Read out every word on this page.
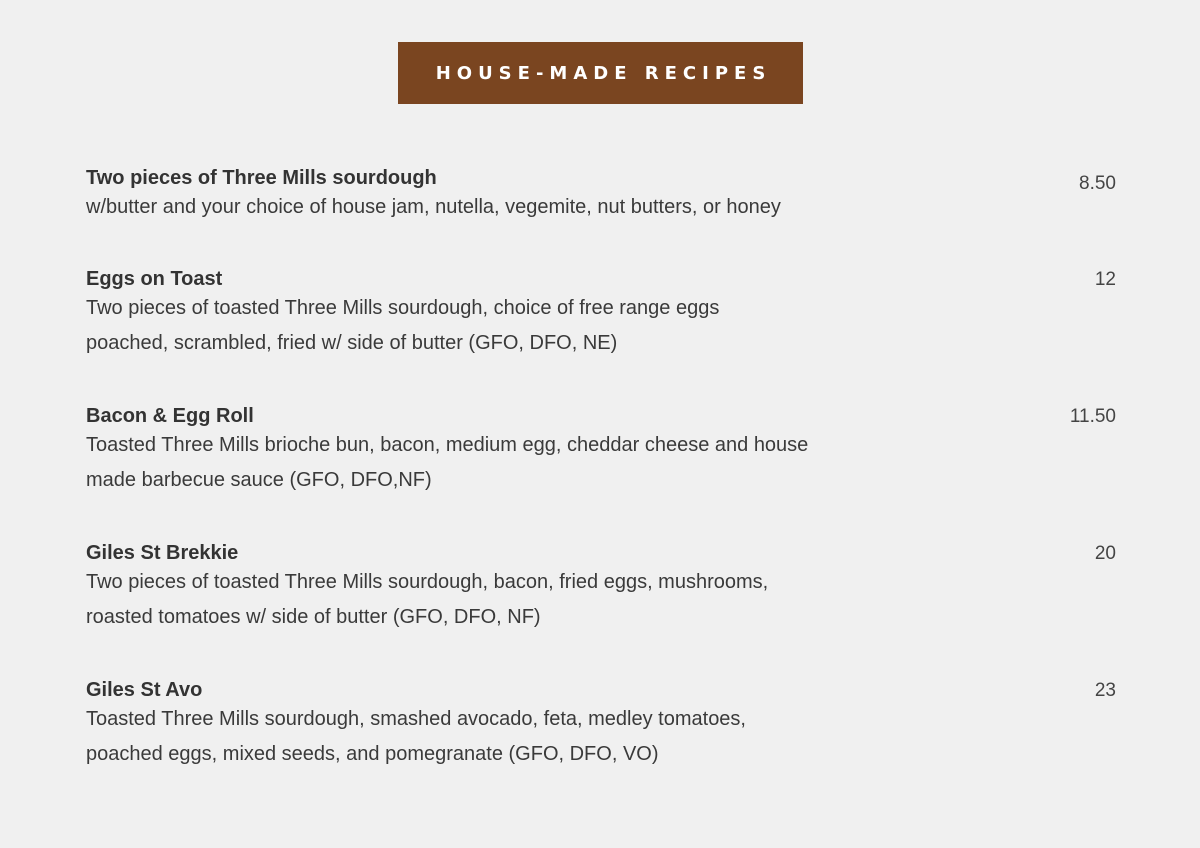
HOUSE-MADE RECIPES
Two pieces of Three Mills sourdough
w/butter and your choice of house jam, nutella, vegemite, nut butters, or honey
8.50
Eggs on Toast
Two pieces of toasted Three Mills sourdough, choice of free range eggs
poached, scrambled, fried w/ side of butter (GFO, DFO, NE)
12
Bacon & Egg Roll
Toasted Three Mills brioche bun, bacon, medium egg, cheddar cheese and house
made barbecue sauce (GFO, DFO,NF)
11.50
Giles St Brekkie
Two pieces of toasted Three Mills sourdough, bacon, fried eggs, mushrooms,
roasted tomatoes w/ side of butter (GFO, DFO, NF)
20
Giles St Avo
Toasted Three Mills sourdough, smashed avocado, feta, medley tomatoes,
poached eggs, mixed seeds, and pomegranate (GFO, DFO, VO)
23
